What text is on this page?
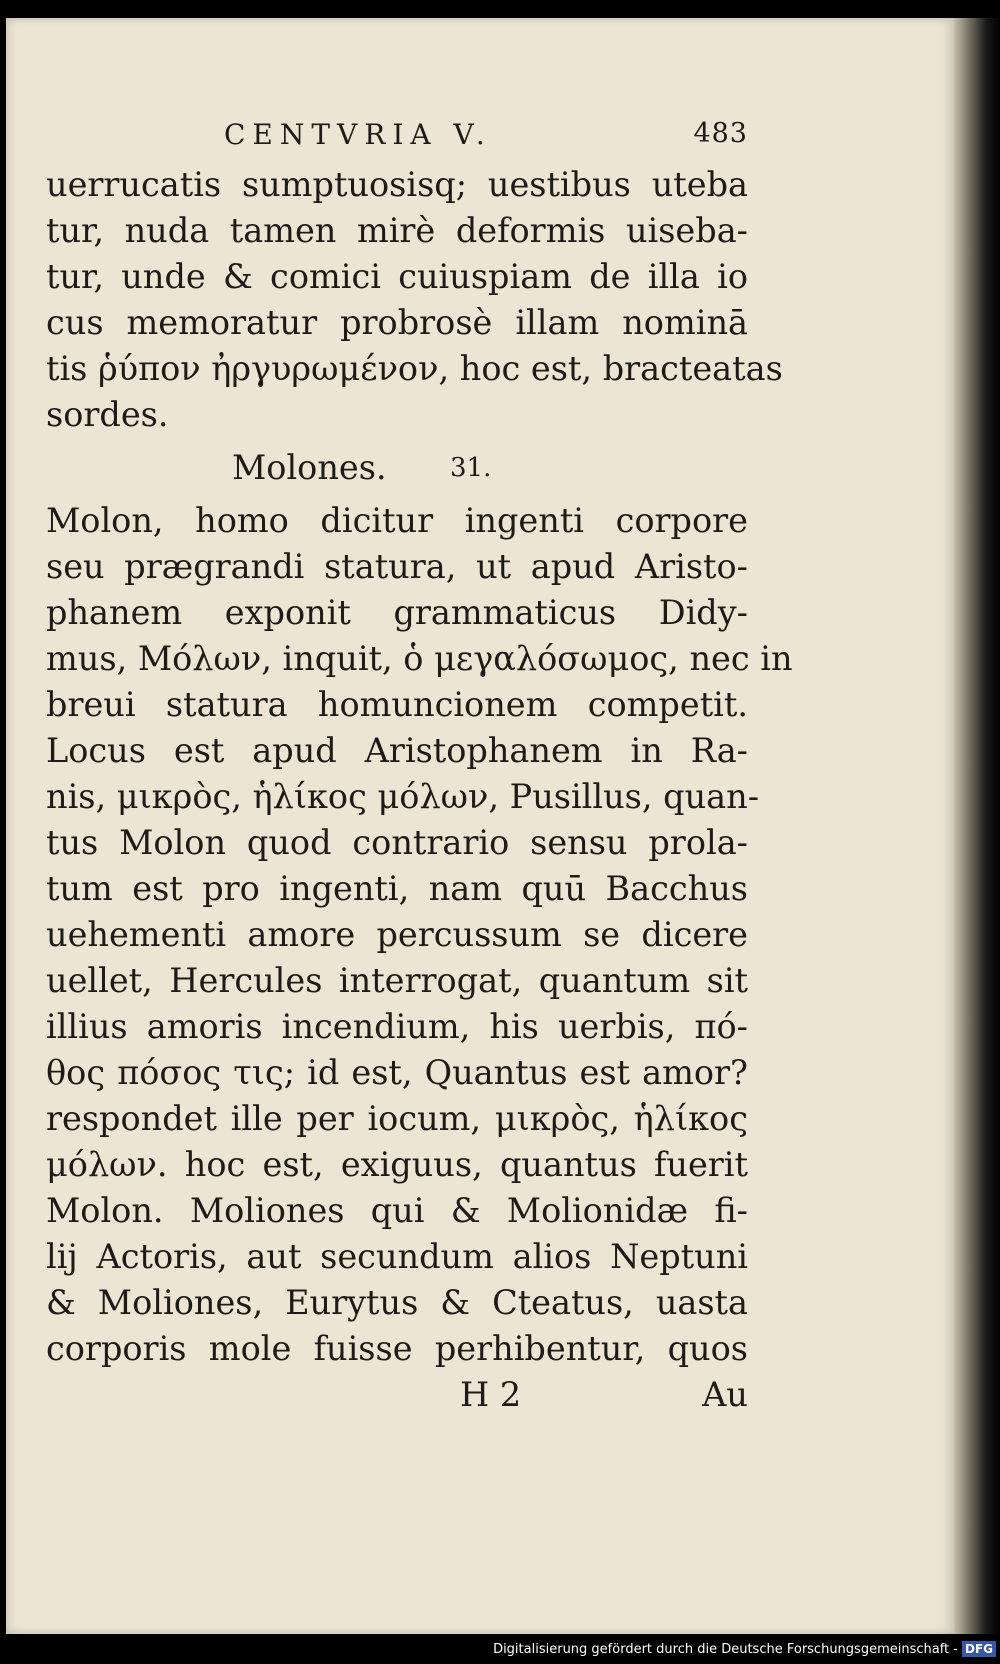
CENTVRIA V.	483
uerrucatis sumptuosisq; uestibus uteba
tur, nuda tamen mirè deformis uiseba-
tur, unde & comici cuiuspiam de illa io
cus memoratur probrosè illam nominā
tis ῥύπον ἠργυρωμένον, hoc est, bracteatas
sordes.
Molones. 31.
Molon, homo dicitur ingenti corpore
seu prægrandi statura, ut apud Aristo-
phanem exponit grammaticus Didy-
mus, Μόλων, inquit, ὁ μεγαλόσωμος, nec in
breui statura homuncionem competit.
Locus est apud Aristophanem in Ra-
nis, μικρὸς, ἡλίκος μόλων, Pusillus, quan-
tus Molon quod contrario sensu prola-
tum est pro ingenti, nam quū Bacchus
uehementi amore percussum se dicere
uellet, Hercules interrogat, quantum sit
illius amoris incendium, his uerbis, πό-
θος πόσος τις; id est, Quantus est amor?
respondet ille per iocum, μικρὸς, ἡλίκος
μόλων. hoc est, exiguus, quantus fuerit
Molon. Moliones qui & Molionidæ fi-
lij Actoris, aut secundum alios Neptuni
& Moliones, Eurytus & Cteatus, uasta
corporis mole fuisse perhibentur, quos
H 2	Au
Digitalisierung gefördert durch die Deutsche Forschungsgemeinschaft - DFG
